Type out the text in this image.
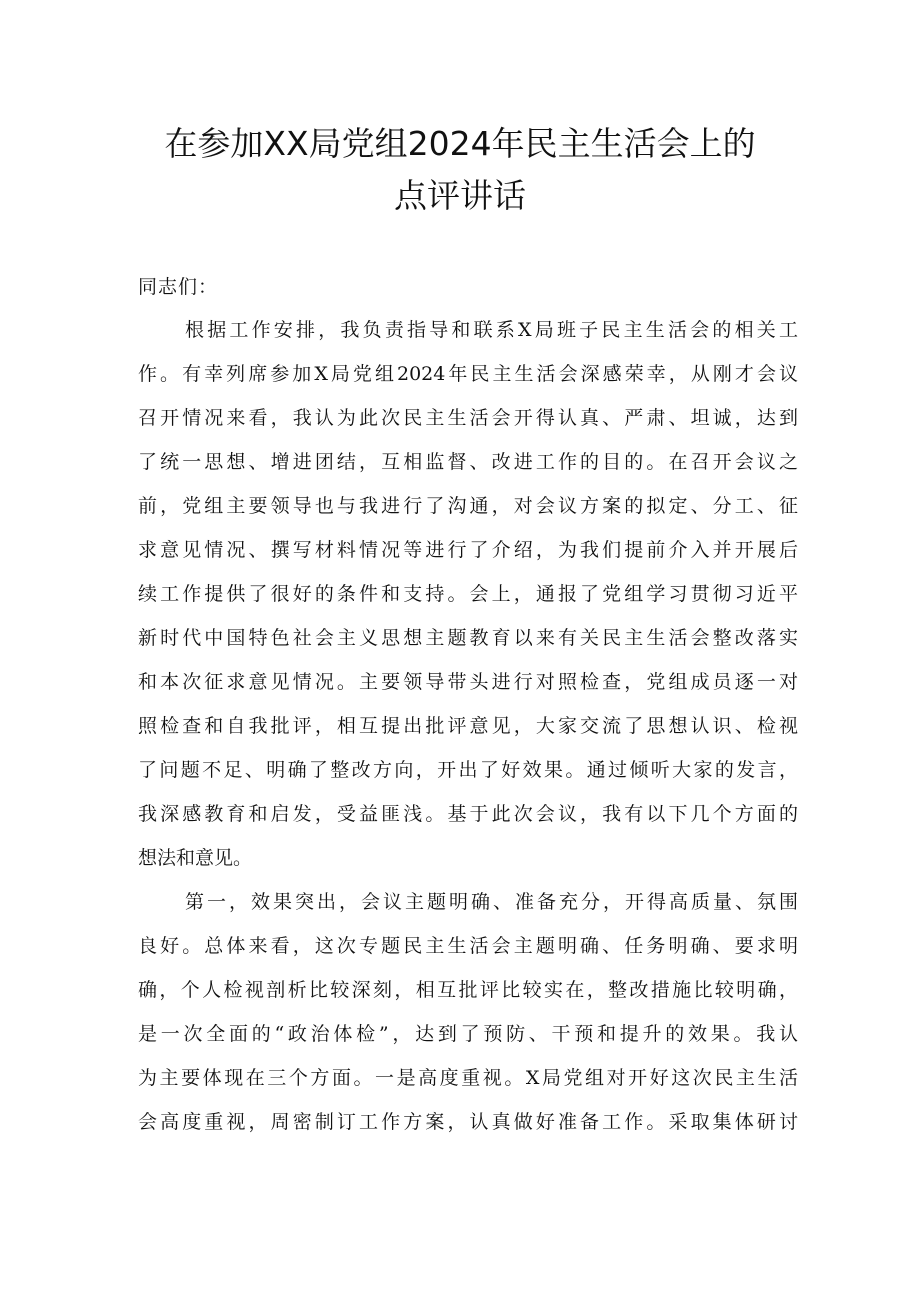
在参加XX局党组2024年民主生活会上的
点评讲话
同志们：

根据工作安排，我负责指导和联系X局班子民主生活会的相关工

作。有幸列席参加X局党组2024年民主生活会深感荣幸，从刚才会议

召开情况来看，我认为此次民主生活会开得认真、严肃、坦诚，达到

了统一思想、增进团结，互相监督、改进工作的目的。在召开会议之

前，党组主要领导也与我进行了沟通，对会议方案的拟定、分工、征

求意见情况、撰写材料情况等进行了介绍，为我们提前介入并开展后

续工作提供了很好的条件和支持。会上，通报了党组学习贯彻习近平

新时代中国特色社会主义思想主题教育以来有关民主生活会整改落实

和本次征求意见情况。主要领导带头进行对照检查，党组成员逐一对

照检查和自我批评，相互提出批评意见，大家交流了思想认识、检视

了问题不足、明确了整改方向，开出了好效果。通过倾听大家的发言，

我深感教育和启发，受益匪浅。基于此次会议，我有以下几个方面的

想法和意见。

第一，效果突出，会议主题明确、准备充分，开得高质量、氛围

良好。总体来看，这次专题民主生活会主题明确、任务明确、要求明

确，个人检视剖析比较深刻，相互批评比较实在，整改措施比较明确，

是一次全面的“政治体检”，达到了预防、干预和提升的效果。我认

为主要体现在三个方面。一是高度重视。X局党组对开好这次民主生活

会高度重视，周密制订工作方案，认真做好准备工作。采取集体研讨
